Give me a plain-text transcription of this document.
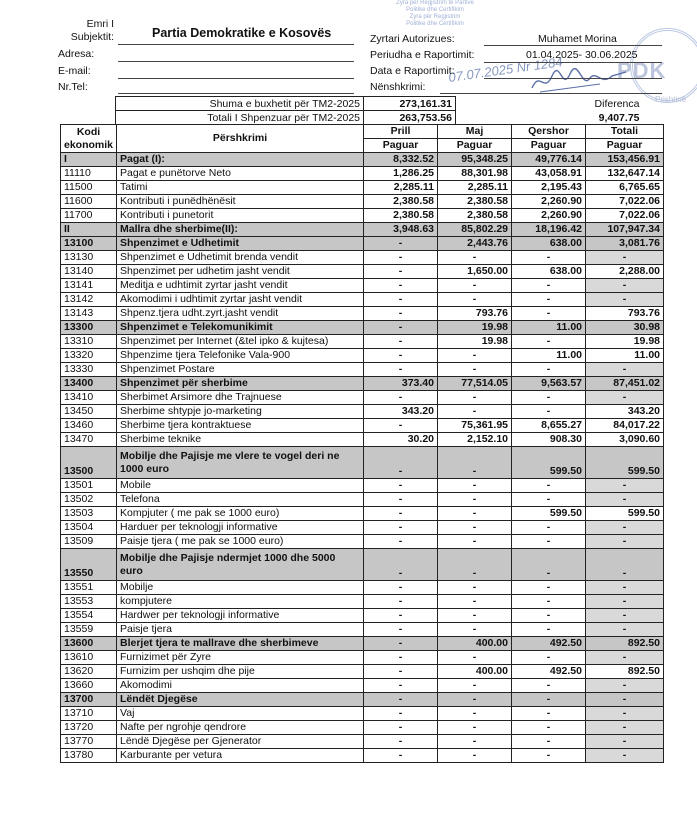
Zyra për Regjistrim të Partive
Politike dhe Certifikim
Zyra për Regjistrim
Politike dhe Certifikim
PDK
Prishtinë
07.07.2025 Nr 1284
Emri I Subjektit:	Partia Demokratike e Kosovës
Adresa:
E-mail:
Nr.Tel:
Zyrtari Autorizues:	Muhamet Morina
Periudha e Raportimit:	01.04.2025- 30.06.2025
Data e Raportimit:
Nënshkrimi:
Shuma e buxhetit për TM2-2025	273,161.31		Diferenca
Totali I Shpenzuar për TM2-2025	263,753.56		9,407.75
Kodi ekonomik	Përshkrimi	Prill	Maj	Qershor	Totali
		Paguar	Paguar	Paguar	Paguar
I	Pagat (I):	8,332.52	95,348.25	49,776.14	153,456.91
11110	Pagat e punëtorve Neto	1,286.25	88,301.98	43,058.91	132,647.14
11500	Tatimi	2,285.11	2,285.11	2,195.43	6,765.65
11600	Kontributi i punëdhënësit	2,380.58	2,380.58	2,260.90	7,022.06
11700	Kontributi i punetorit	2,380.58	2,380.58	2,260.90	7,022.06
II	Mallra dhe sherbime(II):	3,948.63	85,802.29	18,196.42	107,947.34
13100	Shpenzimet e Udhetimit	-	2,443.76	638.00	3,081.76
13130	Shpenzimet e Udhetimit brenda vendit	-	-	-	-
13140	Shpenzimet per udhetim jasht vendit	-	1,650.00	638.00	2,288.00
13141	Meditja e udhtimit zyrtar jasht vendit	-	-	-	-
13142	Akomodimi i udhtimit zyrtar jasht vendit	-	-	-	-
13143	Shpenz.tjera udht.zyrt.jasht vendit	-	793.76	-	793.76
13300	Shpenzimet e Telekomunikimit	-	19.98	11.00	30.98
13310	Shpenzimet per Internet (&tel ipko & kujtesa)	-	19.98	-	19.98
13320	Shpenzime tjera Telefonike Vala-900	-	-	11.00	11.00
13330	Shpenzimet Postare	-	-	-	-
13400	Shpenzimet për sherbime	373.40	77,514.05	9,563.57	87,451.02
13410	Sherbimet Arsimore dhe Trajnuese	-	-	-	-
13450	Sherbime shtypje jo-marketing	343.20	-	-	343.20
13460	Sherbime tjera kontraktuese	-	75,361.95	8,655.27	84,017.22
13470	Sherbime teknike	30.20	2,152.10	908.30	3,090.60
13500	Mobilje dhe Pajisje me vlere te vogel deri ne 1000 euro	-	-	599.50	599.50
13501	Mobile	-	-	-	-
13502	Telefona	-	-	-	-
13503	Kompjuter ( me pak se 1000 euro)	-	-	599.50	599.50
13504	Harduer per teknologji informative	-	-	-	-
13509	Paisje tjera ( me pak se 1000 euro)	-	-	-	-
13550	Mobilje dhe Pajisje ndermjet 1000 dhe 5000 euro	-	-	-	-
13551	Mobilje	-	-	-	-
13553	kompjutere	-	-	-	-
13554	Hardwer per teknologji informative	-	-	-	-
13559	Paisje tjera	-	-	-	-
13600	Blerjet tjera te mallrave dhe sherbimeve	-	400.00	492.50	892.50
13610	Furnizimet për Zyre	-	-	-	-
13620	Furnizim per ushqim dhe pije	-	400.00	492.50	892.50
13660	Akomodimi	-	-	-	-
13700	Lëndët Djegëse	-	-	-	-
13710	Vaj	-	-	-	-
13720	Nafte per ngrohje qendrore	-	-	-	-
13770	Lëndë Djegëse per Gjenerator	-	-	-	-
13780	Karburante per vetura	-	-	-	-
